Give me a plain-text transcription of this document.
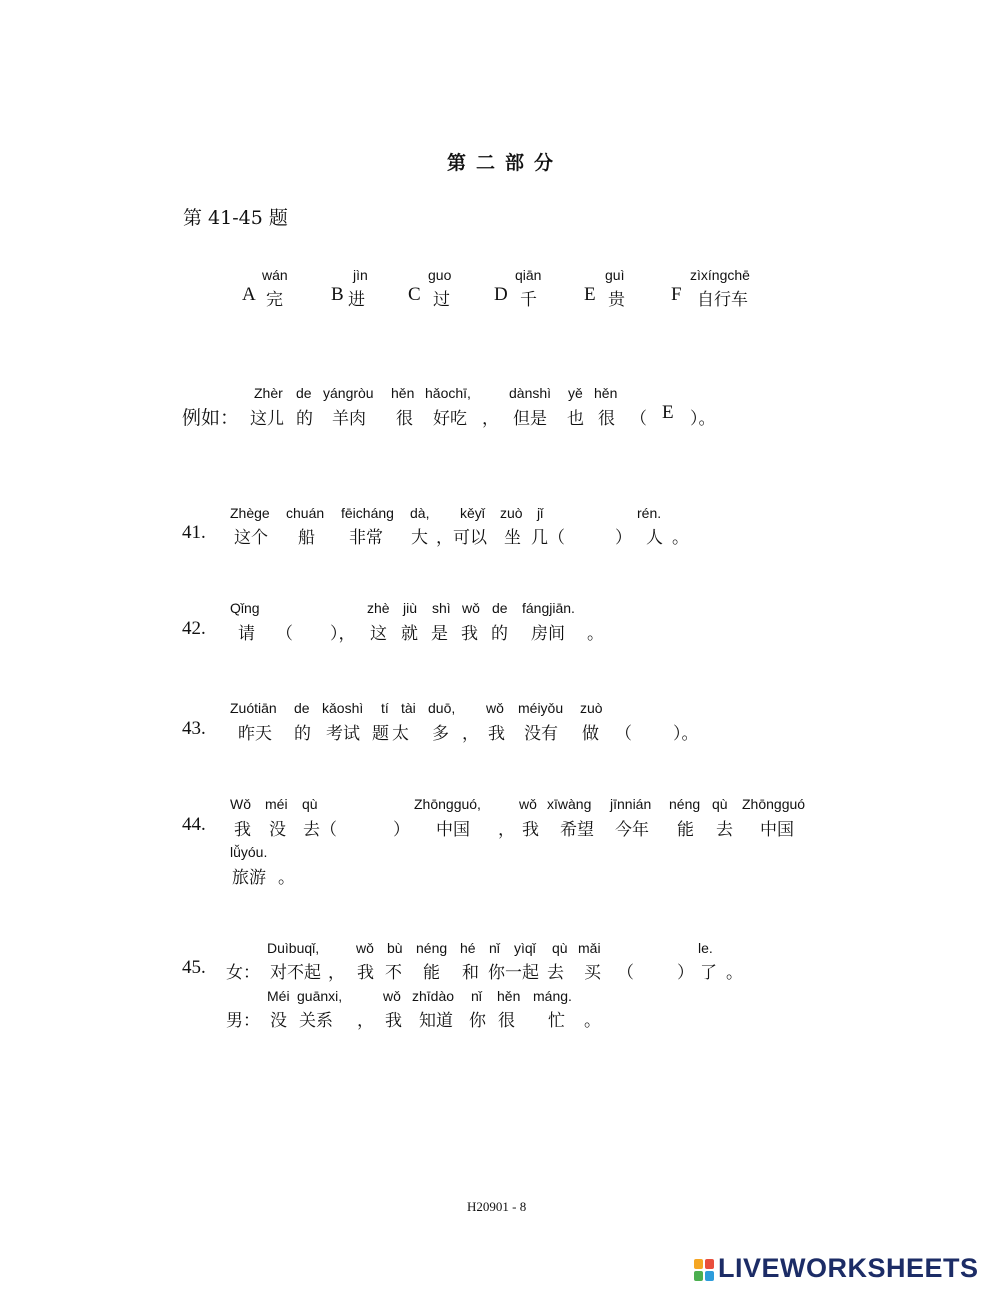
第二部分
第 41-45 题
wán
A 完
jìn
B 进
guo
C 过
qiān
D 千
guì
E 贵
zìxíngchē
F 自行车
例如：
Zhèr de yángròu hěn hǎochī,	dànshì yě hěn
这儿 的 羊肉 很 好吃 ， 但是 也 很 （ E ）。
41.
Zhège chuán fēicháng dà, kěyǐ zuò jǐ	rén.
这个 船 非常 大 ，可以 坐 几（	） 人 。
42.
Qǐng	zhè jiù shì wǒ de fángjiān.
请 （ ）， 这 就 是 我 的 房间 。
43.
Zuótiān de kǎoshì tí tài duō, wǒ méiyǒu zuò
昨天 的 考试 题 太 多 ， 我 没有 做 （ ）。
44.
Wǒ méi qù	Zhōngguó,	wǒ xīwàng jīnnián néng qù Zhōngguó
我 没 去（	） 中国 ， 我 希望 今年 能 去 中国
lǚyóu.
旅游 。
45. 女：
Duìbuqǐ,	wǒ bù néng hé nǐ yìqǐ qù mǎi	le.
对不起 ， 我 不 能 和 你 一起 去 买 （	） 了 。
男：
Méi guānxi,	wǒ zhīdào nǐ hěn máng.
没 关系 ， 我 知道 你 很 忙 。
H20901 - 8
LIVEWORKSHEETS
